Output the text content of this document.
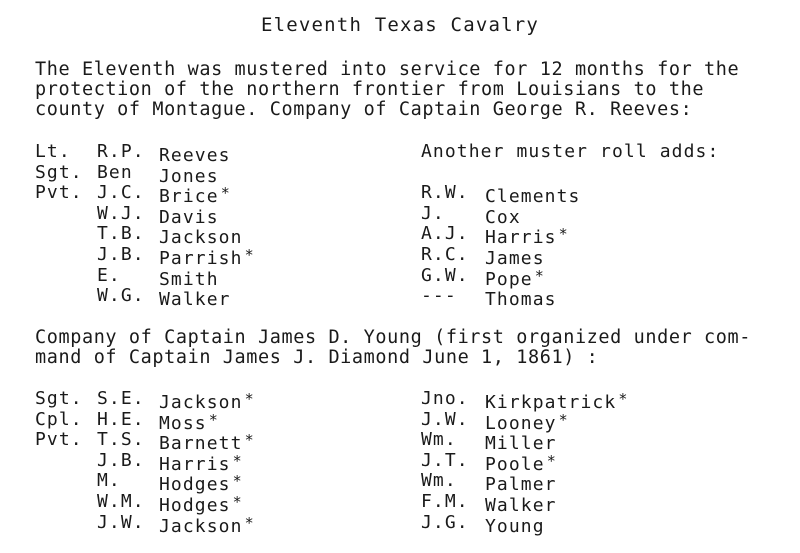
Eleventh Texas Cavalry
The Eleventh was mustered into service for 12 months for the
protection of the northern frontier from Louisians to the
county of Montague. Company of Captain George R. Reeves:
Lt. R.P. Reeves
Sgt. Ben Jones
Pvt. J.C. Brice *
W.J. Davis
T.B. Jackson
J.B. Parrish *
E. Smith
W.G. Walker
Another muster roll adds:
R.W. Clements
J. Cox
A.J. Harris *
R.C. James
G.W. Pope *
--- Thomas
Company of Captain James D. Young (first organized under com-
mand of Captain James J. Diamond June 1, 1861) :
Sgt. S.E. Jackson *
Cpl. H.E. Moss *
Pvt. T.S. Barnett *
J.B. Harris *
M. Hodges *
W.M. Hodges *
J.W. Jackson *
Jno. Kirkpatrick *
J.W. Looney *
Wm. Miller
J.T. Poole *
Wm. Palmer
F.M. Walker
J.G. Young
